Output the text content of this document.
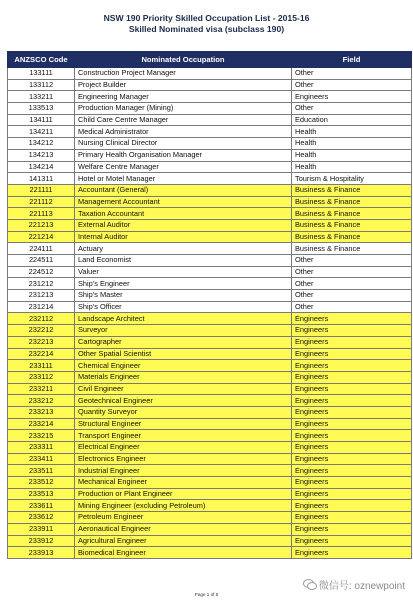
NSW 190 Priority Skilled Occupation List - 2015-16
Skilled Nominated visa (subclass 190)
ANZSCO Code	Nominated Occupation	Field
133111	Construction Project Manager	Other
133112	Project Builder	Other
133211	Engineering Manager	Engineers
133513	Production Manager (Mining)	Other
134111	Child Care Centre Manager	Education
134211	Medical Administrator	Health
134212	Nursing Clinical Director	Health
134213	Primary Health Organisation Manager	Health
134214	Welfare Centre Manager	Health
141311	Hotel or Motel Manager	Tourism & Hospitality
221111	Accountant (General)	Business & Finance
221112	Management Accountant	Business & Finance
221113	Taxation Accountant	Business & Finance
221213	External Auditor	Business & Finance
221214	Internal Auditor	Business & Finance
224111	Actuary	Business & Finance
224511	Land Economist	Other
224512	Valuer	Other
231212	Ship's Engineer	Other
231213	Ship's Master	Other
231214	Ship's Officer	Other
232112	Landscape Architect	Engineers
232212	Surveyor	Engineers
232213	Cartographer	Engineers
232214	Other Spatial Scientist	Engineers
233111	Chemical Engineer	Engineers
233112	Materials Engineer	Engineers
233211	Civil Engineer	Engineers
233212	Geotechnical Engineer	Engineers
233213	Quantity Surveyor	Engineers
233214	Structural Engineer	Engineers
233215	Transport Engineer	Engineers
233311	Electrical Engineer	Engineers
233411	Electronics Engineer	Engineers
233511	Industrial Engineer	Engineers
233512	Mechanical Engineer	Engineers
233513	Production or Plant Engineer	Engineers
233611	Mining Engineer (excluding Petroleum)	Engineers
233612	Petroleum Engineer	Engineers
233911	Aeronautical Engineer	Engineers
233912	Agricultural Engineer	Engineers
233913	Biomedical Engineer	Engineers
Page 1 of 5
微信号: oznewpoint
